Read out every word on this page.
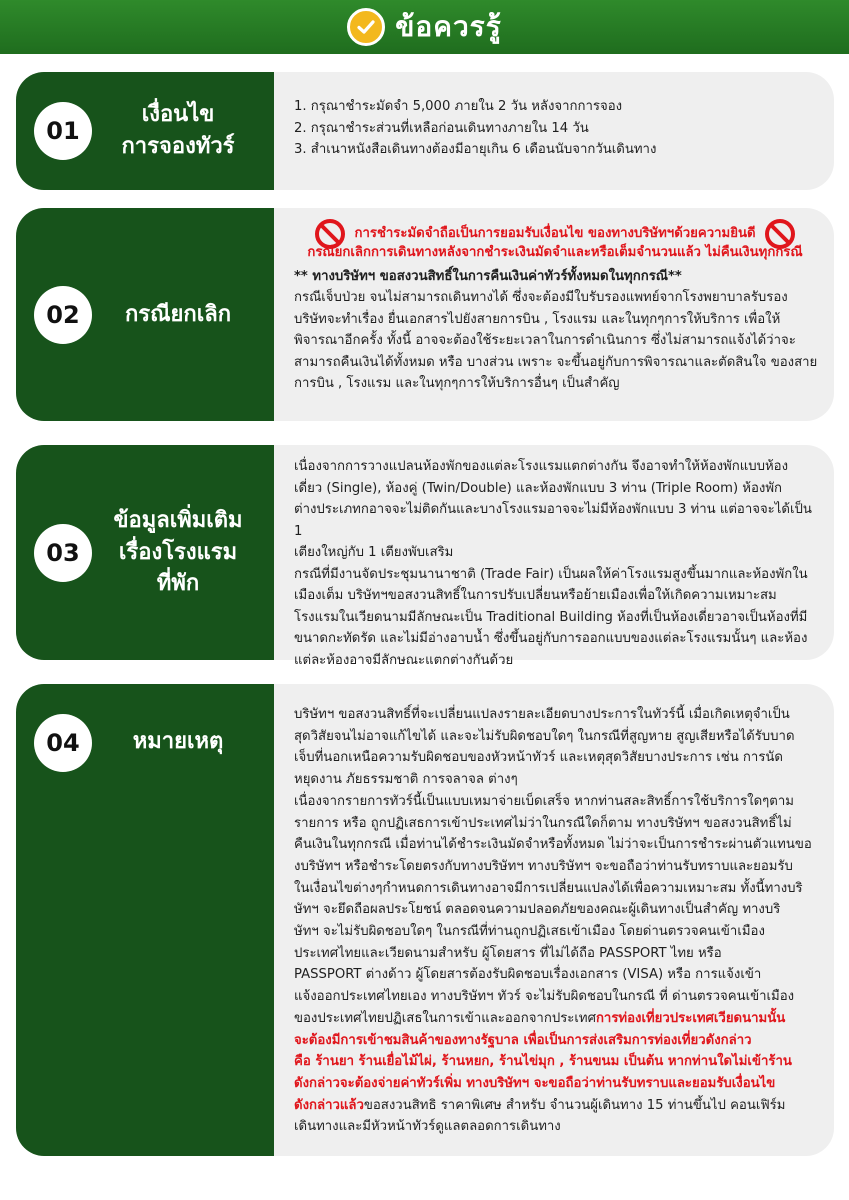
ข้อควรรู้
01
เงื่อนไข
การจองทัวร์
1. กรุณาชำระมัดจำ 5,000 ภายใน 2 วัน หลังจากการจอง
2. กรุณาชำระส่วนที่เหลือก่อนเดินทางภายใน 14 วัน
3. สำเนาหนังสือเดินทางต้องมีอายุเกิน 6 เดือนนับจากวันเดินทาง
02	กรณียกเลิก
การชำระมัดจำถือเป็นการยอมรับเงื่อนไข ของทางบริษัทฯด้วยความยินดี
กรณียกเลิกการเดินทางหลังจากชำระเงินมัดจำและหรือเต็มจำนวนแล้ว ไม่คืนเงินทุกกรณี
** ทางบริษัทฯ ขอสงวนสิทธิ์ในการคืนเงินค่าทัวร์ทั้งหมดในทุกกรณี**
กรณีเจ็บป่วย จนไม่สามารถเดินทางได้ ซึ่งจะต้องมีใบรับรองแพทย์จากโรงพยาบาลรับรอง
บริษัทจะทำเรื่อง ยื่นเอกสารไปยังสายการบิน , โรงแรม และในทุกๆการให้บริการ เพื่อให้
พิจารณาอีกครั้ง ทั้งนี้ อาจจะต้องใช้ระยะเวลาในการดำเนินการ ซึ่งไม่สามารถแจ้งได้ว่าจะ
สามารถคืนเงินได้ทั้งหมด หรือ บางส่วน เพราะ จะขึ้นอยู่กับการพิจารณาและตัดสินใจ ของสาย
การบิน , โรงแรม และในทุกๆการให้บริการอื่นๆ เป็นสำคัญ
03
ข้อมูลเพิ่มเติม
เรื่องโรงแรม
ที่พัก
เนื่องจากการวางแปลนห้องพักของแต่ละโรงแรมแตกต่างกัน จึงอาจทำให้ห้องพักแบบห้อง
เดี่ยว (Single), ห้องคู่ (Twin/Double) และห้องพักแบบ 3 ท่าน (Triple Room) ห้องพัก
ต่างประเภทกอาจจะไม่ติดกันและบางโรงแรมอาจจะไม่มีห้องพักแบบ 3 ท่าน แต่อาจจะได้เป็น 1
เตียงใหญ่กับ 1 เตียงพับเสริม
กรณีที่มีงานจัดประชุมนานาชาติ (Trade Fair) เป็นผลให้ค่าโรงแรมสูงขึ้นมากและห้องพักใน
เมืองเต็ม บริษัทฯขอสงวนสิทธิ์ในการปรับเปลี่ยนหรือย้ายเมืองเพื่อให้เกิดความเหมาะสม
โรงแรมในเวียดนามมีลักษณะเป็น Traditional Building ห้องที่เป็นห้องเดี่ยวอาจเป็นห้องที่มี
ขนาดกะทัดรัด และไม่มีอ่างอาบน้ำ ซึ่งขึ้นอยู่กับการออกแบบของแต่ละโรงแรมนั้นๆ และห้อง
แต่ละห้องอาจมีลักษณะแตกต่างกันด้วย
04	หมายเหตุ
บริษัทฯ ขอสงวนสิทธิ์ที่จะเปลี่ยนแปลงรายละเอียดบางประการในทัวร์นี้ เมื่อเกิดเหตุจำเป็น
สุดวิสัยจนไม่อาจแก้ไขได้ และจะไม่รับผิดชอบใดๆ ในกรณีที่สูญหาย สูญเสียหรือได้รับบาด
เจ็บที่นอกเหนือความรับผิดชอบของหัวหน้าทัวร์ และเหตุสุดวิสัยบางประการ เช่น การนัด
หยุดงาน ภัยธรรมชาติ การจลาจล ต่างๆ
เนื่องจากรายการทัวร์นี้เป็นแบบเหมาจ่ายเบ็ดเสร็จ หากท่านสละสิทธิ์การใช้บริการใดๆตาม
รายการ หรือ ถูกปฏิเสธการเข้าประเทศไม่ว่าในกรณีใดก็ตาม ทางบริษัทฯ ขอสงวนสิทธิ์ไม่
คืนเงินในทุกกรณี เมื่อท่านได้ชำระเงินมัดจำหรือทั้งหมด ไม่ว่าจะเป็นการชำระผ่านตัวแทนขอ
งบริษัทฯ หรือชำระโดยตรงกับทางบริษัทฯ ทางบริษัทฯ จะขอถือว่าท่านรับทราบและยอมรับ
ในเงื่อนไขต่างๆกำหนดการเดินทางอาจมีการเปลี่ยนแปลงได้เพื่อความเหมาะสม ทั้งนี้ทางบริ
ษัทฯ จะยึดถือผลประโยชน์ ตลอดจนความปลอดภัยของคณะผู้เดินทางเป็นสำคัญ ทางบริ
ษัทฯ จะไม่รับผิดชอบใดๆ ในกรณีที่ท่านถูกปฏิเสธเข้าเมือง โดยด่านตรวจคนเข้าเมือง
ประเทศไทยและเวียดนามสำหรับ ผู้โดยสาร ที่ไม่ได้ถือ PASSPORT ไทย หรือ
PASSPORT ต่างด้าว ผู้โดยสารต้องรับผิดชอบเรื่องเอกสาร (VISA) หรือ การแจ้งเข้า
แจ้งออกประเทศไทยเอง ทางบริษัทฯ ทัวร์ จะไม่รับผิดชอบในกรณี ที่ ด่านตรวจคนเข้าเมือง
ของประเทศไทยปฏิเสธในการเข้าและออกจากประเทศการท่องเที่ยวประเทศเวียดนามนั้น
จะต้องมีการเข้าชมสินค้าของทางรัฐบาล เพื่อเป็นการส่งเสริมการท่องเที่ยวดังกล่าว
คือ ร้านยา ร้านเยื่อไม้ไผ่, ร้านหยก, ร้านไข่มุก , ร้านขนม เป็นต้น หากท่านใดไม่เข้าร้าน
ดังกล่าวจะต้องจ่ายค่าทัวร์เพิ่ม ทางบริษัทฯ จะขอถือว่าท่านรับทราบและยอมรับเงื่อนไข
ดังกล่าวแล้วขอสงวนสิทธิ ราคาพิเศษ สำหรับ จำนวนผู้เดินทาง 15 ท่านขึ้นไป คอนเฟิร์ม
เดินทางและมีหัวหน้าทัวร์ดูแลตลอดการเดินทาง
